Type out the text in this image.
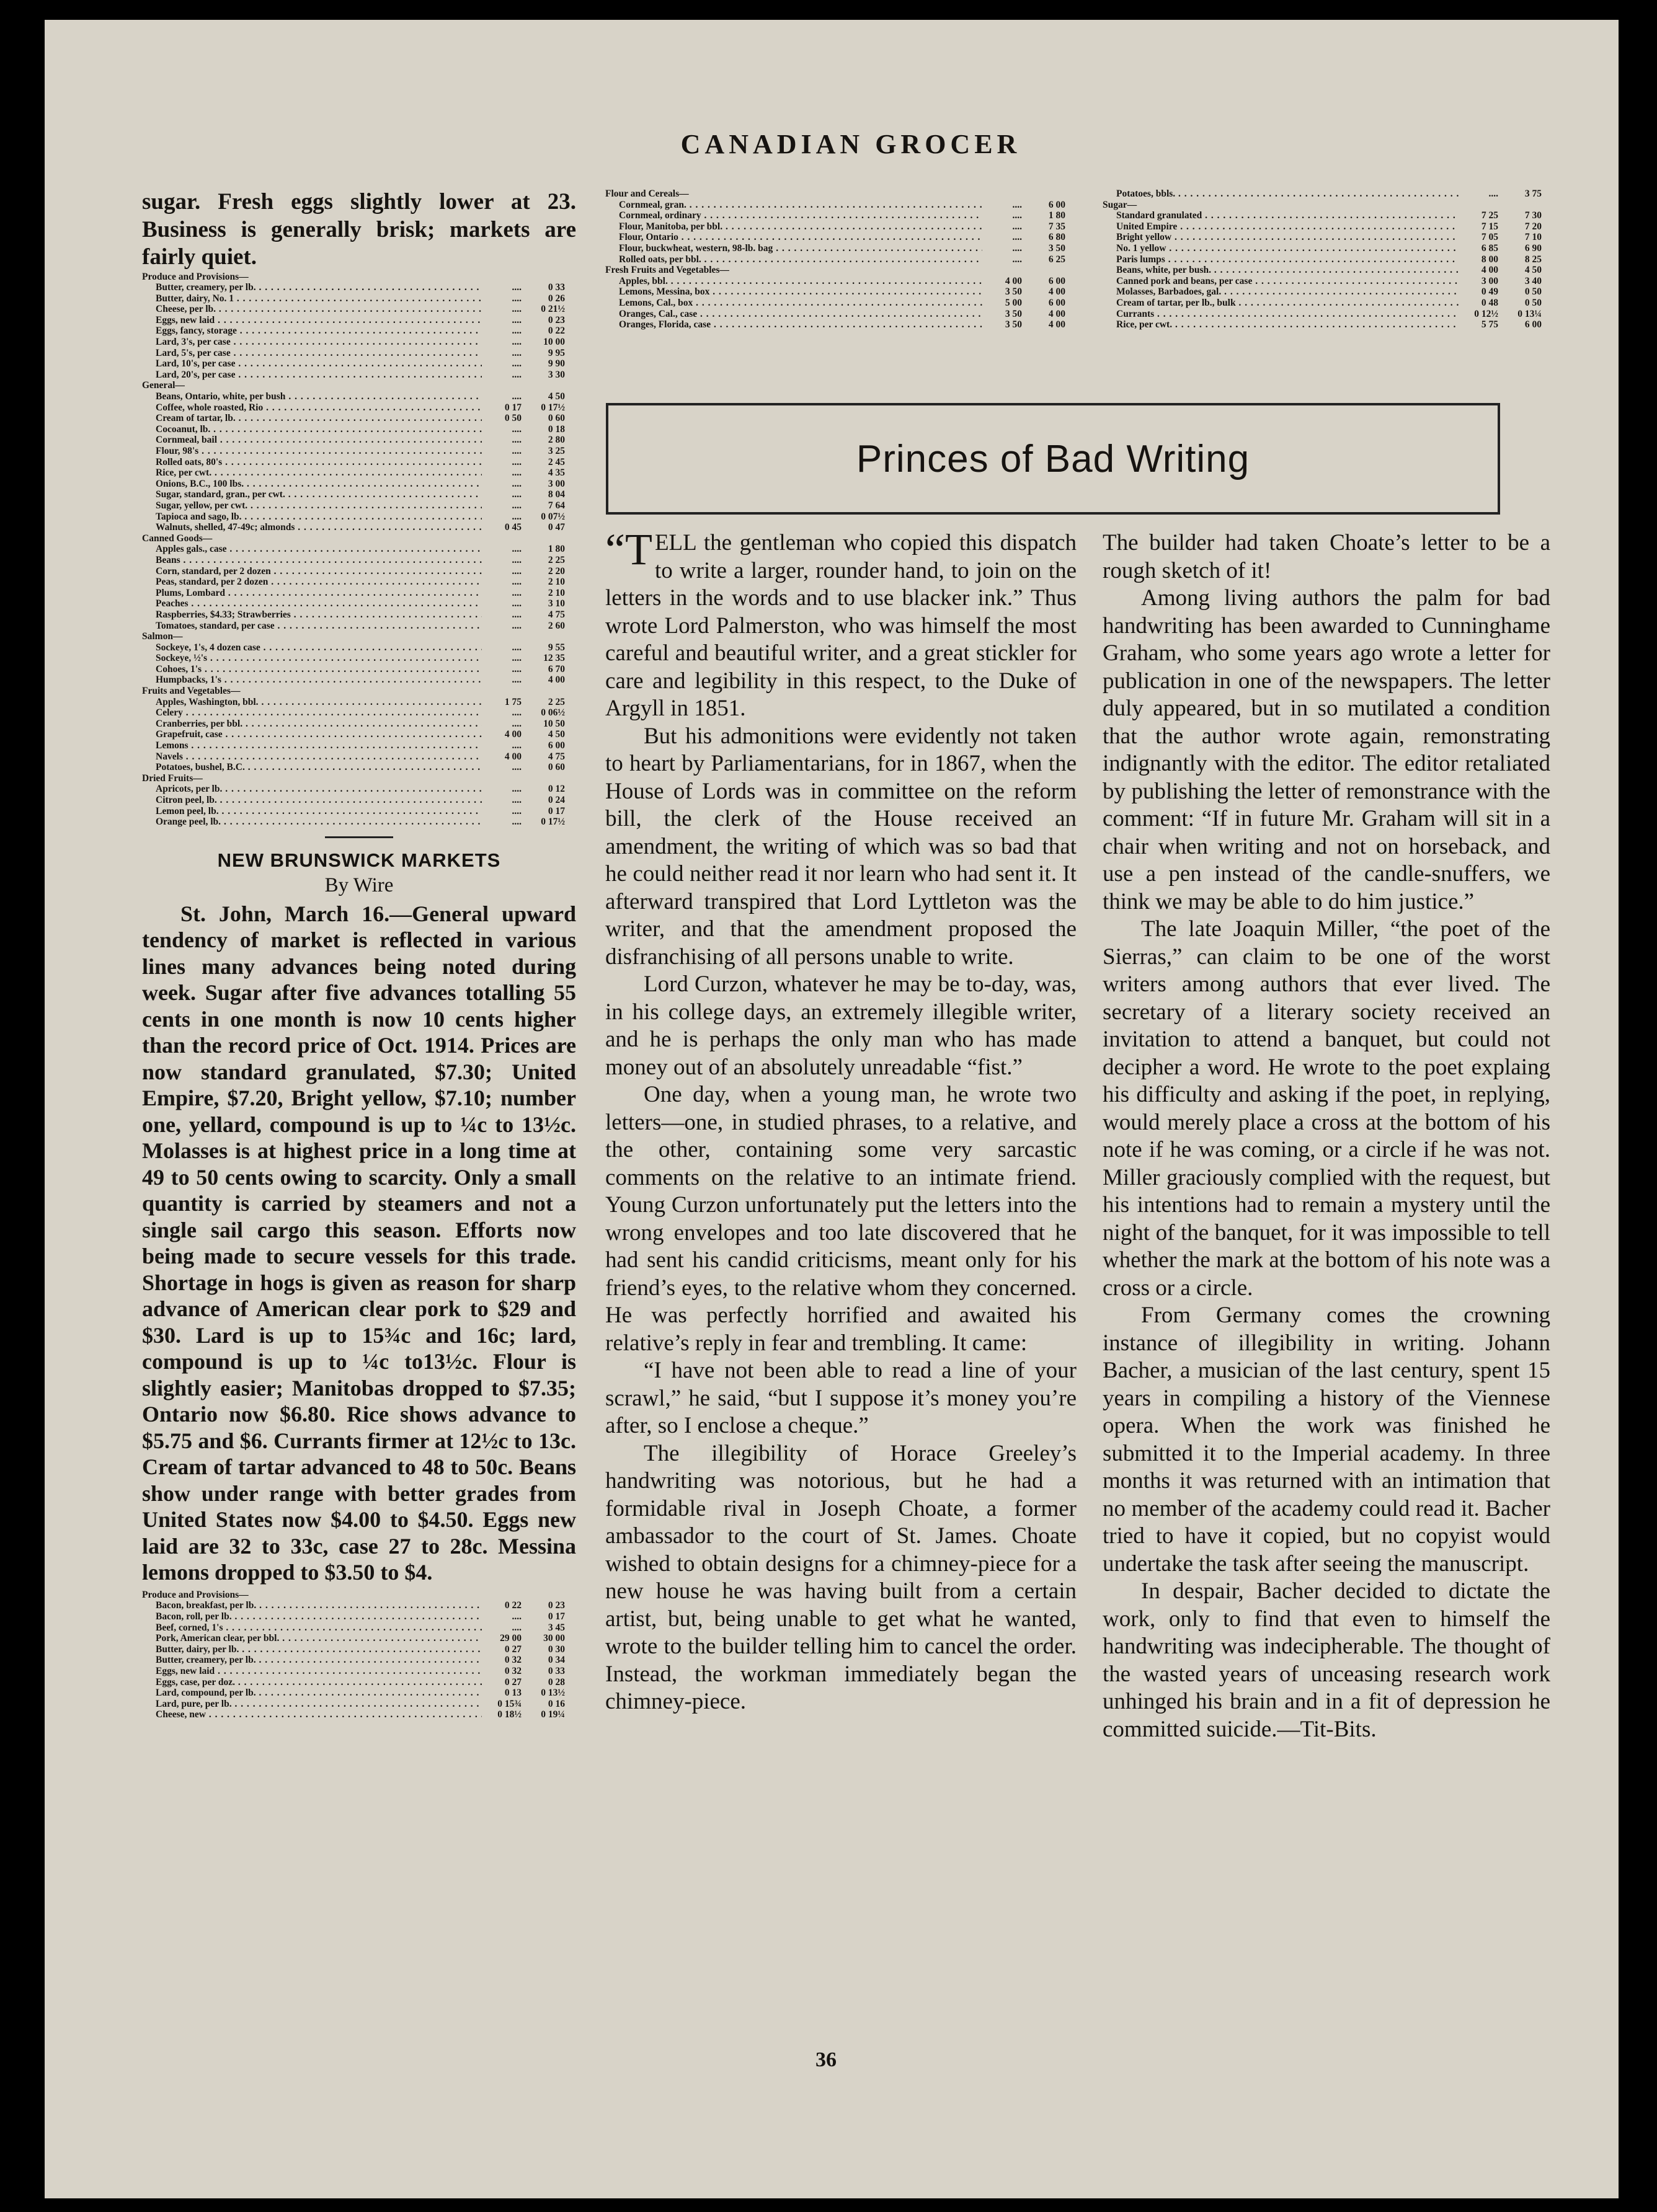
CANADIAN GROCER

sugar. Fresh eggs slightly lower at 23. Business is generally brisk; markets are fairly quiet.

Produce and Provisions—
Butter, creamery, per lb. . . .	....	0 33
Butter, dairy, No. 1 . . .	....	0 26
Cheese, per lb. . . .	....	0 21½
Eggs, new laid . . .	....	0 23
Eggs, fancy, storage . . .	....	0 22
Lard, 3's, per case . . .	....	10 00
Lard, 5's, per case . . .	....	9 95
Lard, 10's, per case . . .	....	9 90
Lard, 20's, per case . . .	....	3 30
General—
Beans, Ontario, white, per bush . . .	....	4 50
Coffee, whole roasted, Rio . . .	0 17	0 17½
Cream of tartar, lb. . . .	0 50	0 60
Cocoanut, lb. . . .	....	0 18
Cornmeal, bail . . .	....	2 80
Flour, 98's . . .	....	3 25
Rolled oats, 80's . . .	....	2 45
Rice, per cwt. . . .	....	4 35
Onions, B.C., 100 lbs. . . .	....	3 00
Sugar, standard, gran., per cwt. . . .	....	8 04
Sugar, yellow, per cwt. . . .	....	7 64
Tapioca and sago, lb. . . .	....	0 07½
Walnuts, shelled, 47-49c; almonds . . .	0 45	0 47
Canned Goods—
Apples gals., case . . .	....	1 80
Beans . . .	....	2 25
Corn, standard, per 2 dozen . . .	....	2 20
Peas, standard, per 2 dozen . . .	....	2 10
Plums, Lombard . . .	....	2 10
Peaches . . .	....	3 10
Raspberries, $4.33; Strawberries . . .	....	4 75
Tomatoes, standard, per case . . .	....	2 60
Salmon—
Sockeye, 1's, 4 dozen case . . .	....	9 55
Sockeye, ½'s . . .	....	12 35
Cohoes, 1's . . .	....	6 70
Humpbacks, 1's . . .	....	4 00
Fruits and Vegetables—
Apples, Washington, bbl. . . .	1 75	2 25
Celery . . .	....	0 06½
Cranberries, per bbl. . . .	....	10 50
Grapefruit, case . . .	4 00	4 50
Lemons . . .	....	6 00
Navels . . .	4 00	4 75
Potatoes, bushel, B.C. . . .	....	0 60
Dried Fruits—
Apricots, per lb. . . .	....	0 12
Citron peel, lb. . . .	....	0 24
Lemon peel, lb. . . .	....	0 17
Orange peel, lb. . . .	....	0 17½
NEW BRUNSWICK MARKETS
By Wire

St. John, March 16.—General upward tendency of market is reflected in various lines many advances being noted during week. Sugar after five advances totalling 55 cents in one month is now 10 cents higher than the record price of Oct. 1914. Prices are now standard granulated, $7.30; United Empire, $7.20, Bright yellow, $7.10; number one, yellard, compound is up to ¼c to 13½c. Molasses is at highest price in a long time at 49 to 50 cents owing to scarcity. Only a small quantity is carried by steamers and not a single sail cargo this season. Efforts now being made to secure vessels for this trade. Shortage in hogs is given as reason for sharp advance of American clear pork to $29 and $30. Lard is up to 15¾c and 16c; lard, compound is up to ¼c to13½c. Flour is slightly easier; Manitobas dropped to $7.35; Ontario now $6.80. Rice shows advance to $5.75 and $6. Currants firmer at 12½c to 13c. Cream of tartar advanced to 48 to 50c. Beans show under range with better grades from United States now $4.00 to $4.50. Eggs new laid are 32 to 33c, case 27 to 28c. Messina lemons dropped to $3.50 to $4.

Produce and Provisions—
Bacon, breakfast, per lb. . . .	0 22	0 23
Bacon, roll, per lb. . . .	....	0 17
Beef, corned, 1's . . .	....	3 45
Pork, American clear, per bbl. . . .	29 00	30 00
Butter, dairy, per lb. . . .	0 27	0 30
Butter, creamery, per lb. . . .	0 32	0 34
Eggs, new laid . . .	0 32	0 33
Eggs, case, per doz. . . .	0 27	0 28
Lard, compound, per lb. . . .	0 13	0 13½
Lard, pure, per lb. . . .	0 15¾	0 16
Cheese, new . . .	0 18½	0 19¼
Flour and Cereals—
Cornmeal, gran. . . .	....	6 00
Cornmeal, ordinary . . .	....	1 80
Flour, Manitoba, per bbl. . . .	....	7 35
Flour, Ontario . . .	....	6 80
Flour, buckwheat, western, 98-lb. bag . . .	....	3 50
Rolled oats, per bbl. . . .	....	6 25
Fresh Fruits and Vegetables—
Apples, bbl. . . .	4 00	6 00
Lemons, Messina, box . . .	3 50	4 00
Lemons, Cal., box . . .	5 00	6 00
Oranges, Cal., case . . .	3 50	4 00
Oranges, Florida, case . . .	3 50	4 00
Potatoes, bbls. . . .	....	3 75
Sugar—
Standard granulated . . .	7 25	7 30
United Empire . . .	7 15	7 20
Bright yellow . . .	7 05	7 10
No. 1 yellow . . .	6 85	6 90
Paris lumps . . .	8 00	8 25
Beans, white, per bush. . . .	4 00	4 50
Canned pork and beans, per case . . .	3 00	3 40
Molasses, Barbadoes, gal. . . .	0 49	0 50
Cream of tartar, per lb., bulk . . .	0 48	0 50
Currants . . .	0 12½	0 13¼
Rice, per cwt. . . .	5 75	6 00
Princes of Bad Writing

“TELL the gentleman who copied this dispatch to write a larger, rounder hand, to join on the letters in the words and to use blacker ink.” Thus wrote Lord Palmerston, who was himself the most careful and beautiful writer, and a great stickler for care and legibility in this respect, to the Duke of Argyll in 1851.

But his admonitions were evidently not taken to heart by Parliamentarians, for in 1867, when the House of Lords was in committee on the reform bill, the clerk of the House received an amendment, the writing of which was so bad that he could neither read it nor learn who had sent it. It afterward transpired that Lord Lyttleton was the writer, and that the amendment proposed the disfranchising of all persons unable to write.

Lord Curzon, whatever he may be to-day, was, in his college days, an extremely illegible writer, and he is perhaps the only man who has made money out of an absolutely unreadable “fist.”

One day, when a young man, he wrote two letters—one, in studied phrases, to a relative, and the other, containing some very sarcastic comments on the relative to an intimate friend. Young Curzon unfortunately put the letters into the wrong envelopes and too late discovered that he had sent his candid criticisms, meant only for his friend’s eyes, to the relative whom they concerned. He was perfectly horrified and awaited his relative’s reply in fear and trembling. It came:

“I have not been able to read a line of your scrawl,” he said, “but I suppose it’s money you’re after, so I enclose a cheque.”

The illegibility of Horace Greeley’s handwriting was notorious, but he had a formidable rival in Joseph Choate, a former ambassador to the court of St. James. Choate wished to obtain designs for a chimney-piece for a new house he was having built from a certain artist, but, being unable to get what he wanted, wrote to the builder telling him to cancel the order. Instead, the workman immediately began the chimney-piece.

The builder had taken Choate’s letter to be a rough sketch of it!

Among living authors the palm for bad handwriting has been awarded to Cunninghame Graham, who some years ago wrote a letter for publication in one of the newspapers. The letter duly appeared, but in so mutilated a condition that the author wrote again, remonstrating indignantly with the editor. The editor retaliated by publishing the letter of remonstrance with the comment: “If in future Mr. Graham will sit in a chair when writing and not on horseback, and use a pen instead of the candle-snuffers, we think we may be able to do him justice.”

The late Joaquin Miller, “the poet of the Sierras,” can claim to be one of the worst writers among authors that ever lived. The secretary of a literary society received an invitation to attend a banquet, but could not decipher a word. He wrote to the poet explaing his difficulty and asking if the poet, in replying, would merely place a cross at the bottom of his note if he was coming, or a circle if he was not. Miller graciously complied with the request, but his intentions had to remain a mystery until the night of the banquet, for it was impossible to tell whether the mark at the bottom of his note was a cross or a circle.

From Germany comes the crowning instance of illegibility in writing. Johann Bacher, a musician of the last century, spent 15 years in compiling a history of the Viennese opera. When the work was finished he submitted it to the Imperial academy. In three months it was returned with an intimation that no member of the academy could read it. Bacher tried to have it copied, but no copyist would undertake the task after seeing the manuscript.

In despair, Bacher decided to dictate the work, only to find that even to himself the handwriting was indecipherable. The thought of the wasted years of unceasing research work unhinged his brain and in a fit of depression he committed suicide.—Tit-Bits.

36
